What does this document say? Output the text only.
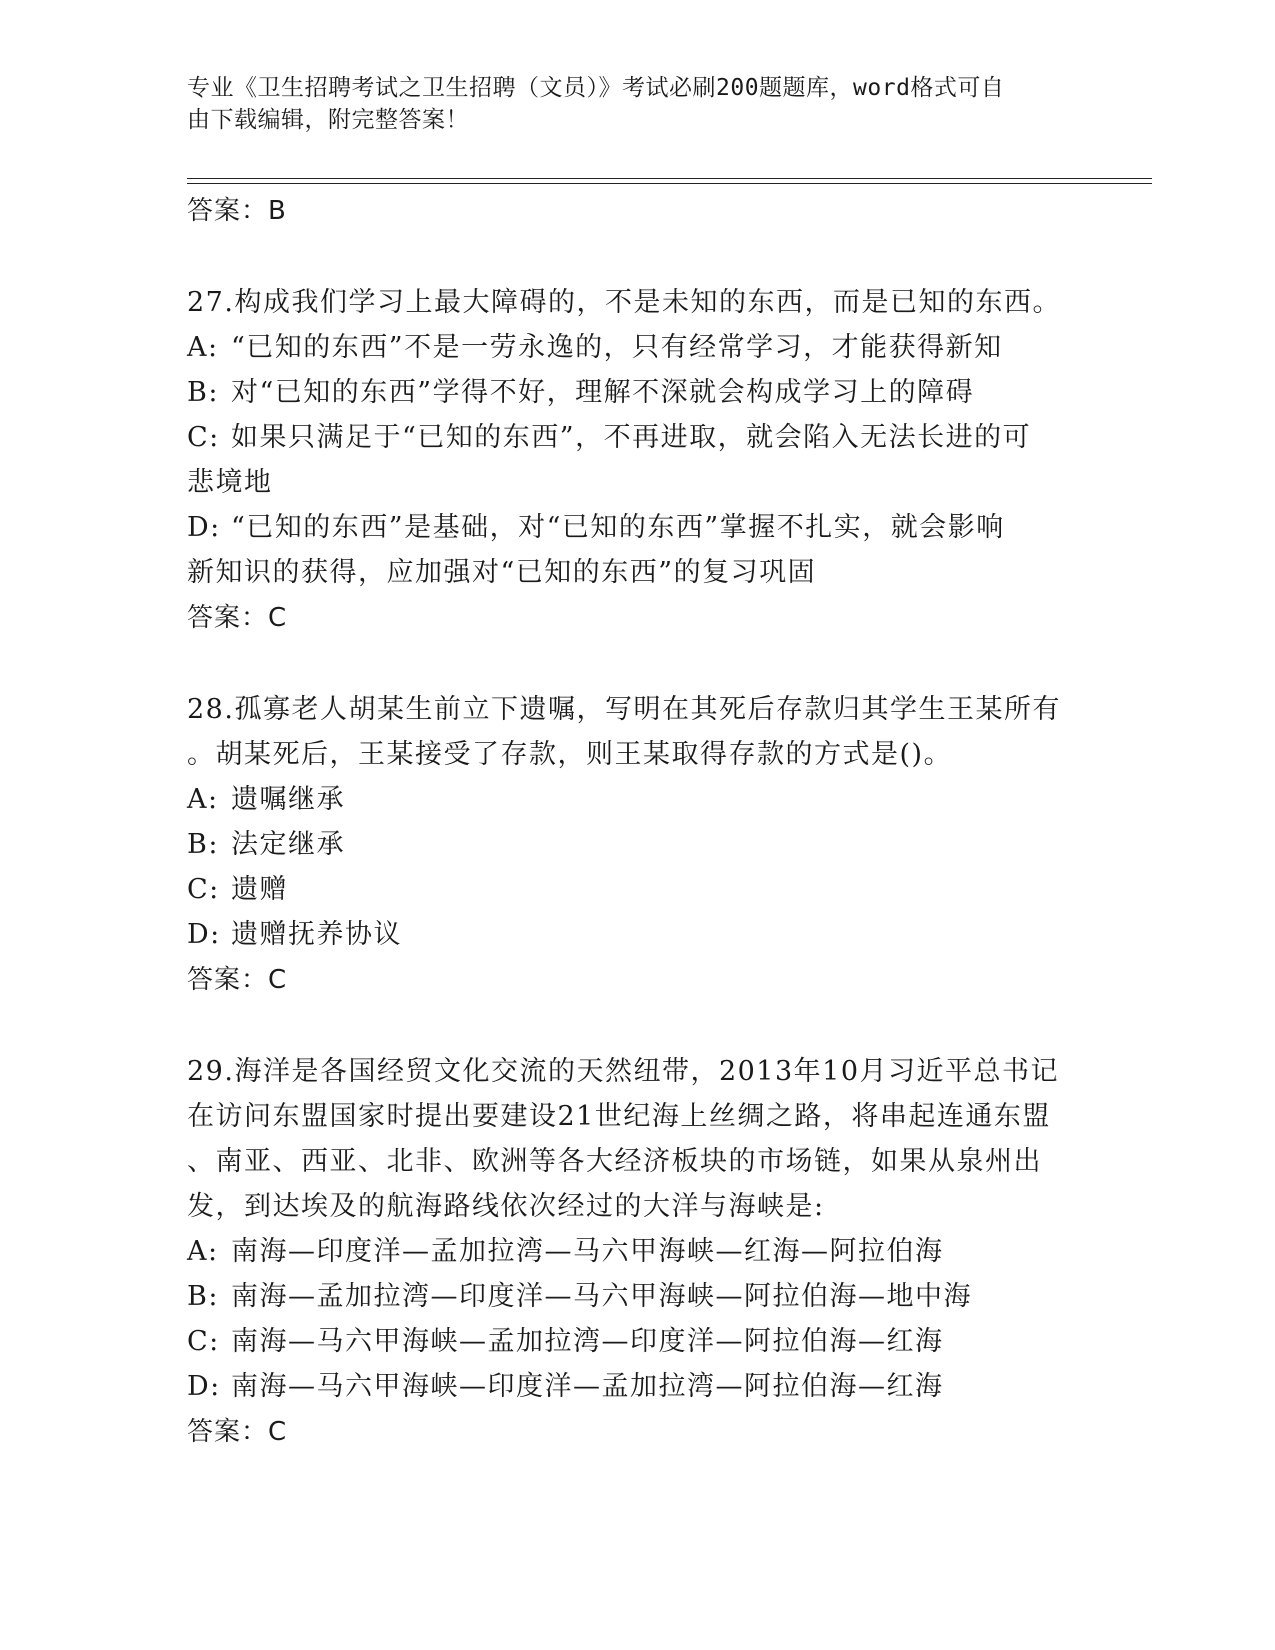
专业《卫生招聘考试之卫生招聘（文员）》考试必刷200题题库，word格式可自
由下载编辑，附完整答案！

答案：B

27.构成我们学习上最大障碍的，不是未知的东西，而是已知的东西。

A: “已知的东西”不是一劳永逸的，只有经常学习，才能获得新知

B: 对“已知的东西”学得不好，理解不深就会构成学习上的障碍

C: 如果只满足于“已知的东西”，不再进取，就会陷入无法长进的可

悲境地

D: “已知的东西”是基础，对“已知的东西”掌握不扎实，就会影响

新知识的获得，应加强对“已知的东西”的复习巩固

答案：C

28.孤寡老人胡某生前立下遗嘱，写明在其死后存款归其学生王某所有

。胡某死后，王某接受了存款，则王某取得存款的方式是()。

A: 遗嘱继承

B: 法定继承

C: 遗赠

D: 遗赠抚养协议

答案：C

29.海洋是各国经贸文化交流的天然纽带，2013年10月习近平总书记

在访问东盟国家时提出要建设21世纪海上丝绸之路，将串起连通东盟

、南亚、西亚、北非、欧洲等各大经济板块的市场链，如果从泉州出

发，到达埃及的航海路线依次经过的大洋与海峡是:

A: 南海—印度洋—孟加拉湾—马六甲海峡—红海—阿拉伯海

B: 南海—孟加拉湾—印度洋—马六甲海峡—阿拉伯海—地中海

C: 南海—马六甲海峡—孟加拉湾—印度洋—阿拉伯海—红海

D: 南海—马六甲海峡—印度洋—孟加拉湾—阿拉伯海—红海

答案：C
